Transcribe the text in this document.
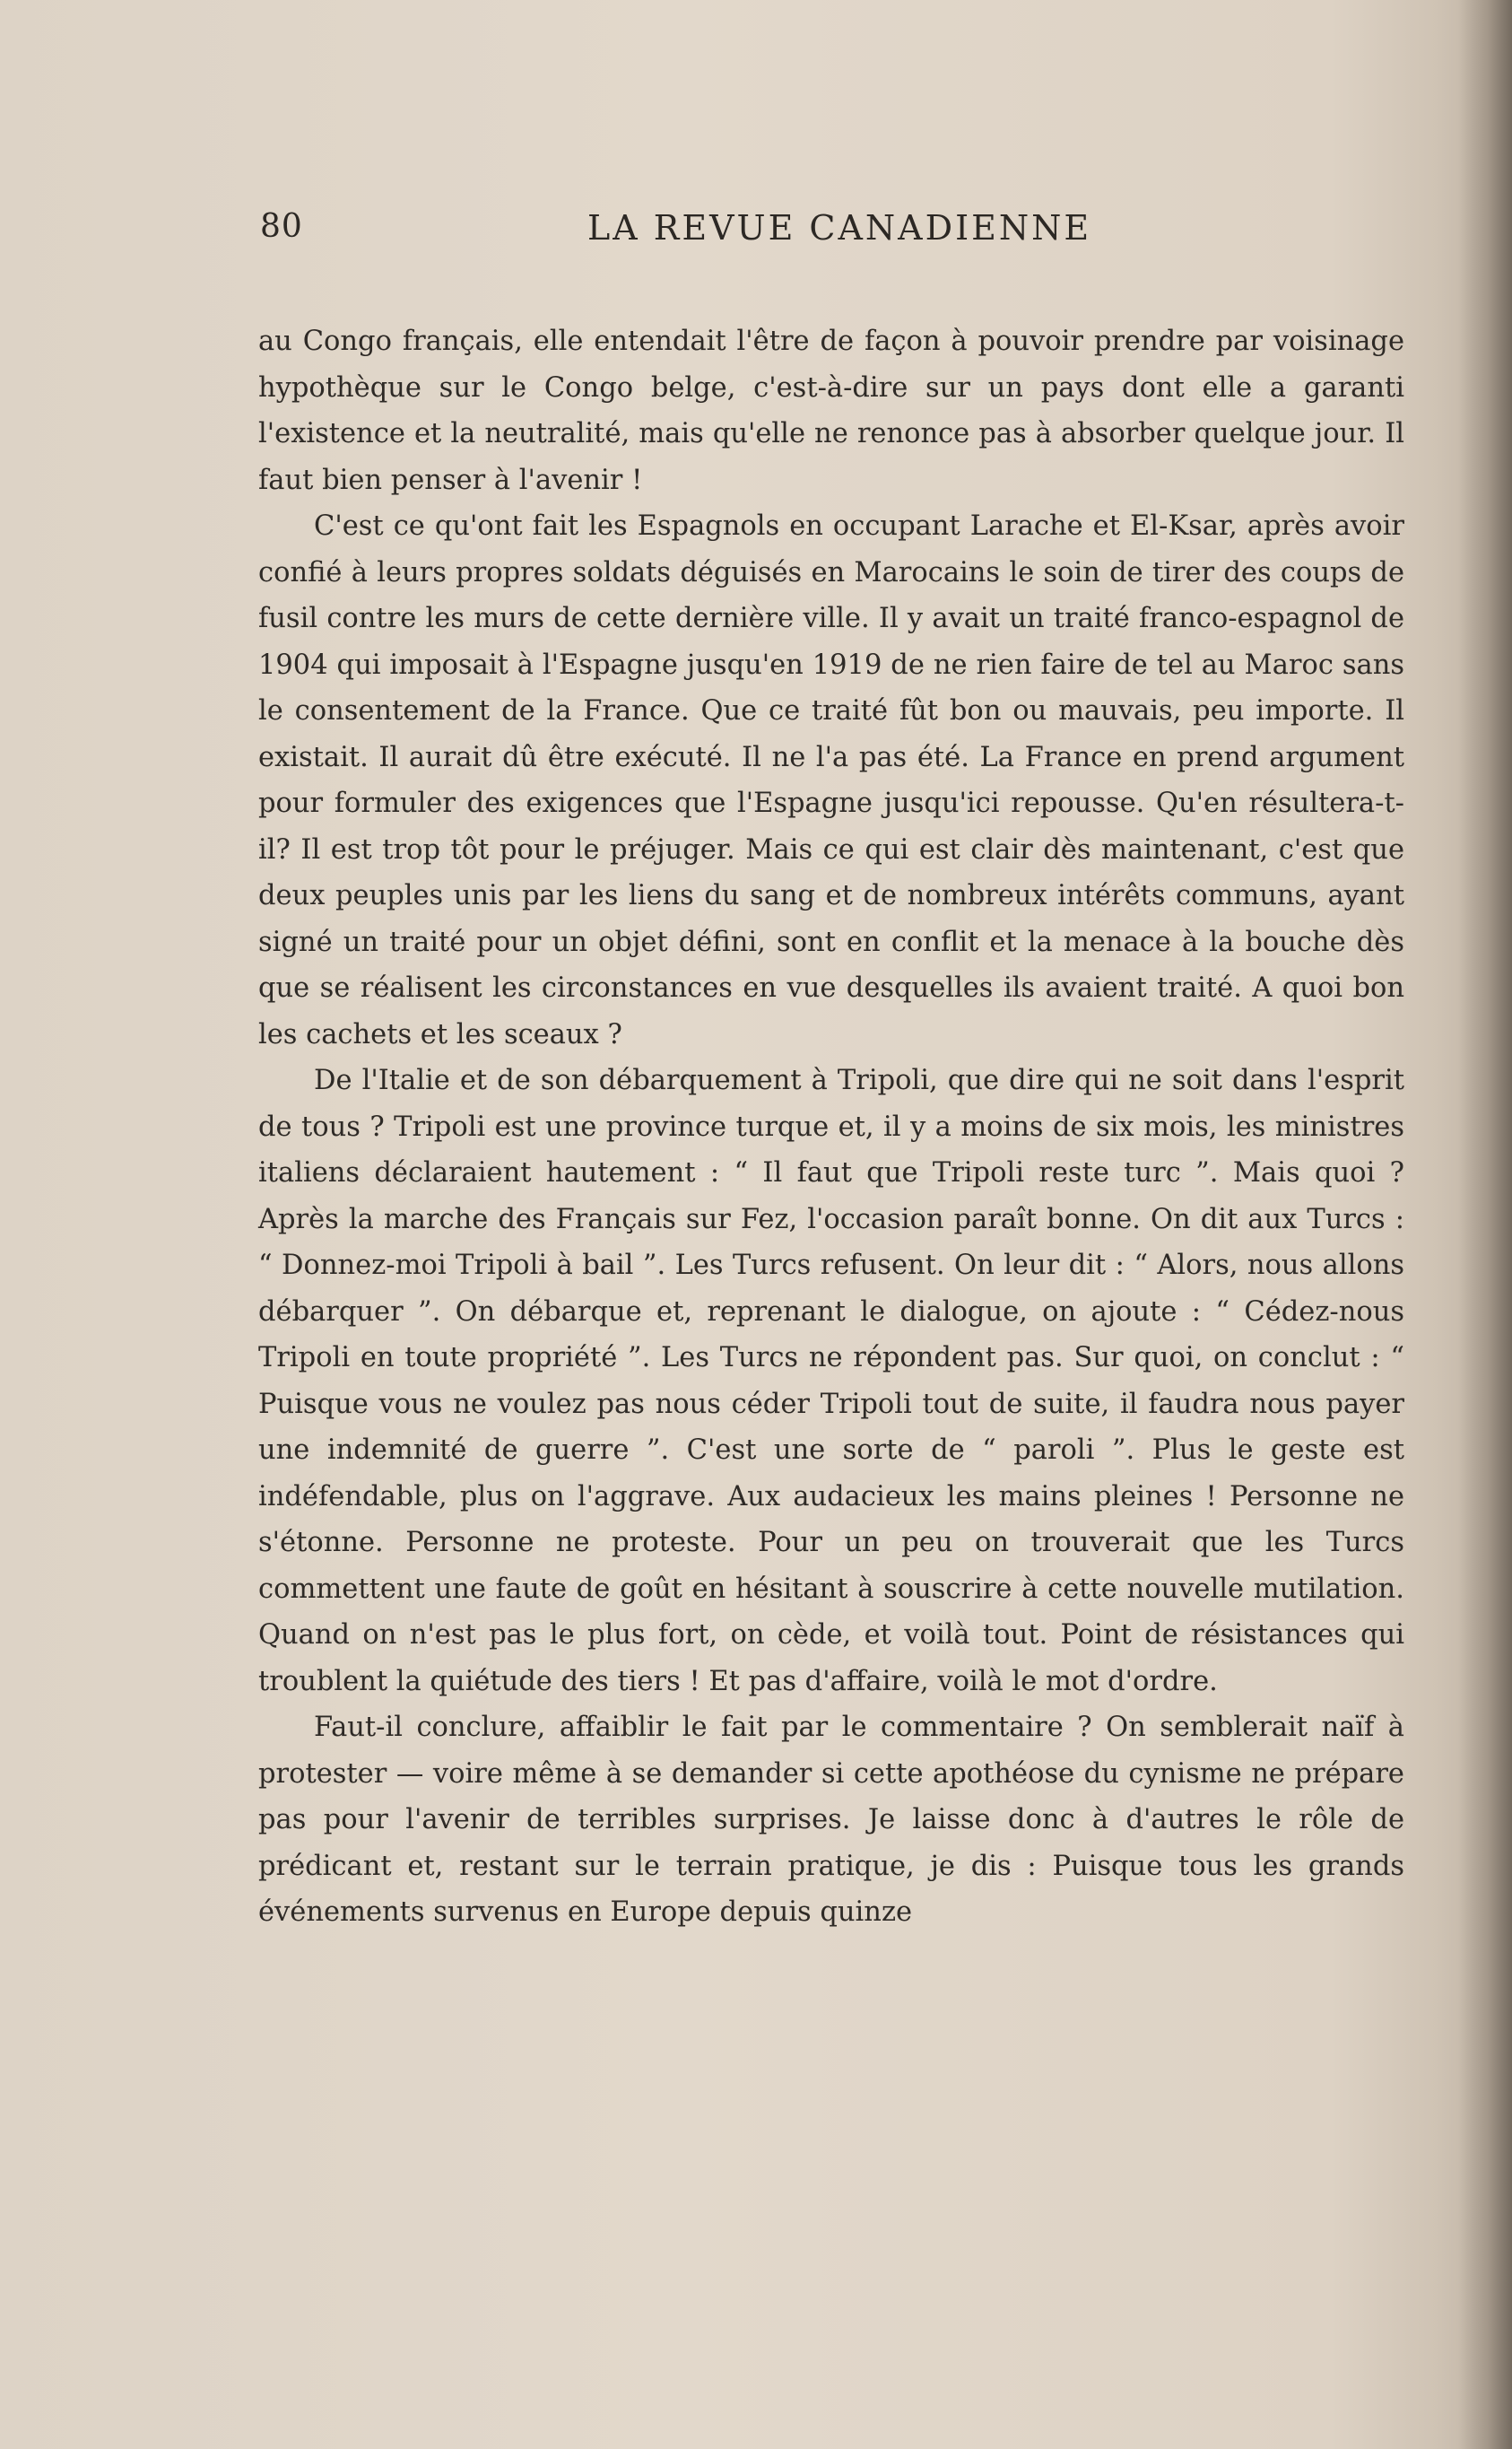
80	LA REVUE CANADIENNE

au Congo français, elle entendait l'être de façon à pouvoir prendre par voisinage hypothèque sur le Congo belge, c'est-à-dire sur un pays dont elle a garanti l'existence et la neutralité, mais qu'elle ne renonce pas à absorber quelque jour. Il faut bien penser à l'avenir !

C'est ce qu'ont fait les Espagnols en occupant Larache et El-Ksar, après avoir confié à leurs propres soldats déguisés en Marocains le soin de tirer des coups de fusil contre les murs de cette dernière ville. Il y avait un traité franco-espagnol de 1904 qui imposait à l'Espagne jusqu'en 1919 de ne rien faire de tel au Maroc sans le consentement de la France. Que ce traité fût bon ou mauvais, peu importe. Il existait. Il aurait dû être exécuté. Il ne l'a pas été. La France en prend argument pour formuler des exigences que l'Espagne jusqu'ici repousse. Qu'en résultera-t-il? Il est trop tôt pour le préjuger. Mais ce qui est clair dès maintenant, c'est que deux peuples unis par les liens du sang et de nombreux intérêts communs, ayant signé un traité pour un objet défini, sont en conflit et la menace à la bouche dès que se réalisent les circonstances en vue desquelles ils avaient traité. A quoi bon les cachets et les sceaux ?

De l'Italie et de son débarquement à Tripoli, que dire qui ne soit dans l'esprit de tous ? Tripoli est une province turque et, il y a moins de six mois, les ministres italiens déclaraient hautement : “ Il faut que Tripoli reste turc ”. Mais quoi ? Après la marche des Français sur Fez, l'occasion paraît bonne. On dit aux Turcs : “ Donnez-moi Tripoli à bail ”. Les Turcs refusent. On leur dit : “ Alors, nous allons débarquer ”. On débarque et, reprenant le dialogue, on ajoute : “ Cédez-nous Tripoli en toute propriété ”. Les Turcs ne répondent pas. Sur quoi, on conclut : “ Puisque vous ne voulez pas nous céder Tripoli tout de suite, il faudra nous payer une indemnité de guerre ”. C'est une sorte de “ paroli ”. Plus le geste est indéfendable, plus on l'aggrave. Aux audacieux les mains pleines ! Personne ne s'étonne. Personne ne proteste. Pour un peu on trouverait que les Turcs commettent une faute de goût en hésitant à souscrire à cette nouvelle mutilation. Quand on n'est pas le plus fort, on cède, et voilà tout. Point de résistances qui troublent la quiétude des tiers ! Et pas d'affaire, voilà le mot d'ordre.

Faut-il conclure, affaiblir le fait par le commentaire ? On semblerait naïf à protester — voire même à se demander si cette apothéose du cynisme ne prépare pas pour l'avenir de terribles surprises. Je laisse donc à d'autres le rôle de prédicant et, restant sur le terrain pratique, je dis : Puisque tous les grands événements survenus en Europe depuis quinze
